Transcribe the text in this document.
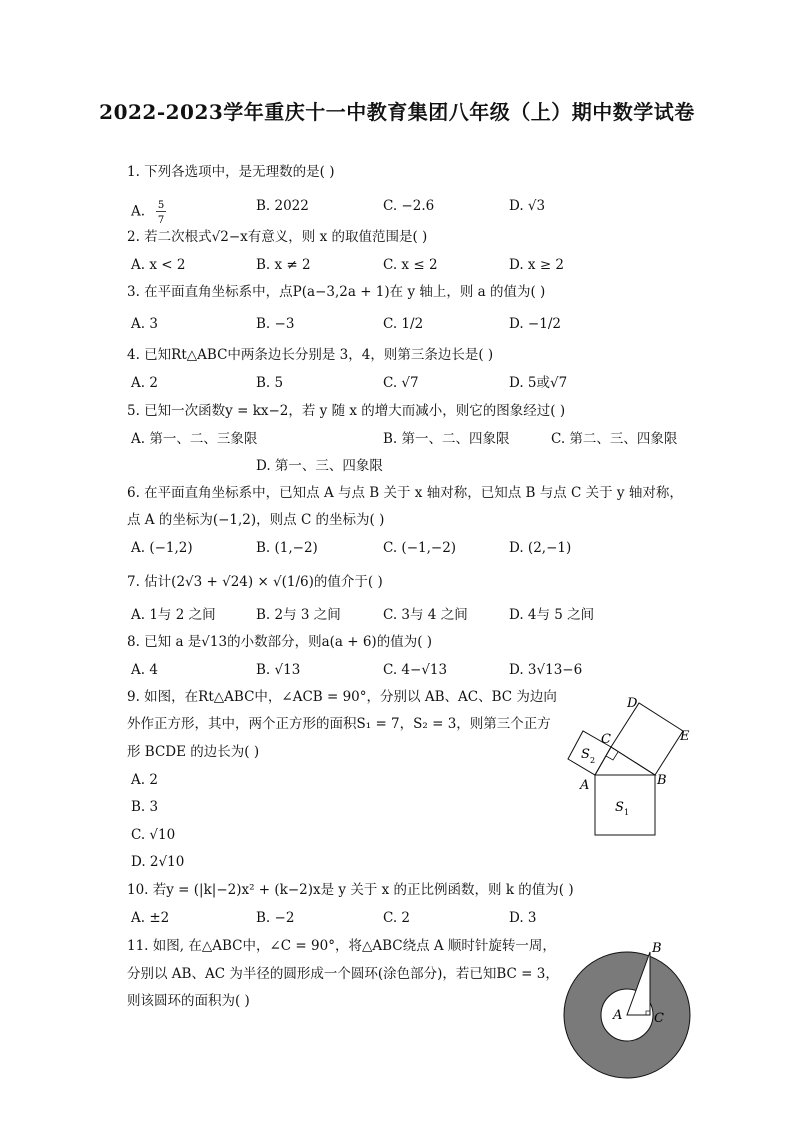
2022-2023学年重庆十一中教育集团八年级（上）期中数学试卷
1. 下列各选项中，是无理数的是( )
A. 5
7
B. 2022	C. −2.6	D. √3
2. 若二次根式√2−x有意义，则 x 的取值范围是( )
A. x < 2	B. x ≠ 2	C. x ≤ 2	D. x ≥ 2
3. 在平面直角坐标系中，点P(a−3,2a + 1)在 y 轴上，则 a 的值为( )
A. 3	B. −3	C. 1/2	D. −1/2
4. 已知Rt△ABC中两条边长分别是 3，4，则第三条边长是( )
A. 2	B. 5	C. √7	D. 5或√7
5. 已知一次函数y = kx−2，若 y 随 x 的增大而减小，则它的图象经过( )
A. 第一、二、三象限	B. 第一、二、四象限	C. 第二、三、四象限
D. 第一、三、四象限
6. 在平面直角坐标系中，已知点 A 与点 B 关于 x 轴对称，已知点 B 与点 C 关于 y 轴对称，
点 A 的坐标为(−1,2)，则点 C 的坐标为( )
A. (−1,2)	B. (1,−2)	C. (−1,−2)	D. (2,−1)
7. 估计(2√3 + √24) × √(1/6)的值介于( )
A. 1与 2 之间	B. 2与 3 之间	C. 3与 4 之间	D. 4与 5 之间
8. 已知 a 是√13的小数部分，则a(a + 6)的值为( )
A. 4	B. √13	C. 4−√13	D. 3√13−6
9. 如图，在Rt△ABC中，∠ACB = 90°，分别以 AB、AC、BC 为边向
外作正方形，其中，两个正方形的面积S₁ = 7，S₂ = 3，则第三个正方
形 BCDE 的边长为( )
A. 2
B. 3
C. √10
D. 2√10
A	B
C
D
E
S 1
S 2
10. 若y = (|k|−2)x² + (k−2)x是 y 关于 x 的正比例函数，则 k 的值为( )
A. ±2	B. −2	C. 2	D. 3
11. 如图, 在△ABC中，∠C = 90°，将△ABC绕点 A 顺时针旋转一周，
分别以 AB、AC 为半径的圆形成一个圆环(涂色部分)，若已知BC = 3，
则该圆环的面积为( )
A
B
C
